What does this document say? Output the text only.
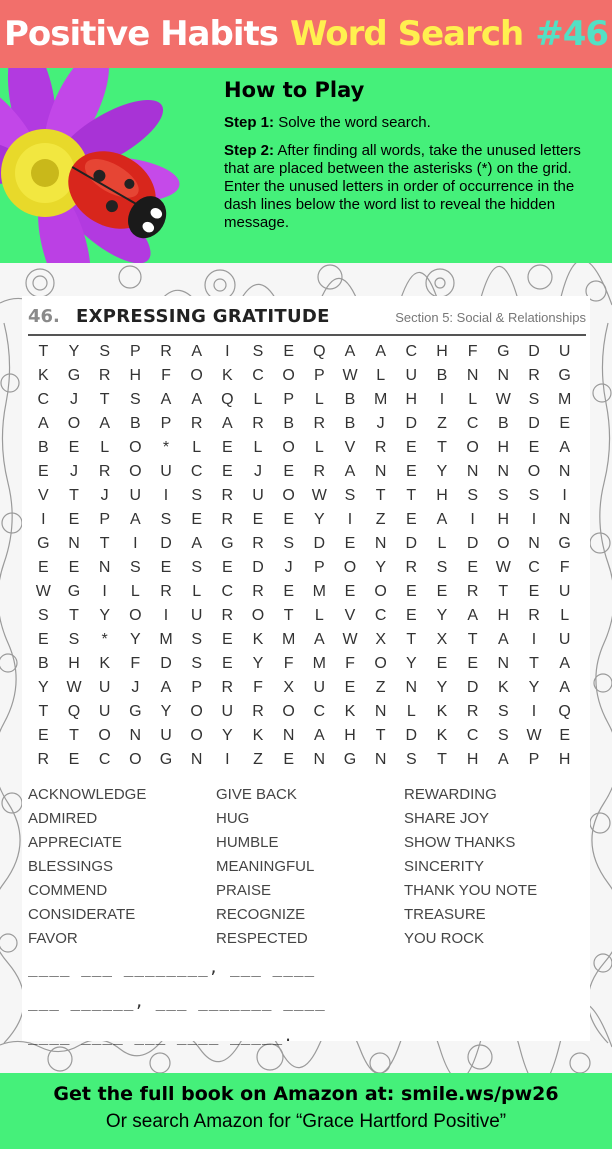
Positive Habits Word Search #46
How to Play

Step 1: Solve the word search.

Step 2: After finding all words, take the unused letters that are placed between the asterisks (*) on the grid. Enter the unused letters in order of occurrence in the dash lines below the word list to reveal the hidden message.

46. EXPRESSING GRATITUDE	Section 5: Social & Relationships
T	Y	S	P	R	A	I	S	E	Q	A	A	C	H	F	G	D	U
K	G	R	H	F	O	K	C	O	P	W	L	U	B	N	N	R	G
C	J	T	S	A	A	Q	L	P	L	B	M	H	I	L	W	S	M
A	O	A	B	P	R	A	R	B	R	B	J	D	Z	C	B	D	E
B	E	L	O	*	L	E	L	O	L	V	R	E	T	O	H	E	A
E	J	R	O	U	C	E	J	E	R	A	N	E	Y	N	N	O	N
V	T	J	U	I	S	R	U	O	W	S	T	T	H	S	S	S	I
I	E	P	A	S	E	R	E	E	Y	I	Z	E	A	I	H	I	N
G	N	T	I	D	A	G	R	S	D	E	N	D	L	D	O	N	G
E	E	N	S	E	S	E	D	J	P	O	Y	R	S	E	W	C	F
W	G	I	L	R	L	C	R	E	M	E	O	E	E	R	T	E	U
S	T	Y	O	I	U	R	O	T	L	V	C	E	Y	A	H	R	L
E	S	*	Y	M	S	E	K	M	A	W	X	T	X	T	A	I	U
B	H	K	F	D	S	E	Y	F	M	F	O	Y	E	E	N	T	A
Y	W	U	J	A	P	R	F	X	U	E	Z	N	Y	D	K	Y	A
T	Q	U	G	Y	O	U	R	O	C	K	N	L	K	R	S	I	Q
E	T	O	N	U	O	Y	K	N	A	H	T	D	K	C	S	W	E
R	E	C	O	G	N	I	Z	E	N	G	N	S	T	H	A	P	H
ACKNOWLEDGE
ADMIRED
APPRECIATE
BLESSINGS
COMMEND
CONSIDERATE
FAVOR
GIVE BACK
HUG
HUMBLE
MEANINGFUL
PRAISE
RECOGNIZE
RESPECTED
REWARDING
SHARE JOY
SHOW THANKS
SINCERITY
THANK YOU NOTE
TREASURE
YOU ROCK
____ ___ ________, ___ ____
___ ______, ___ _______ ____
____ ____ ___ ____ _____.
Get the full book on Amazon at: smile.ws/pw26
Or search Amazon for “Grace Hartford Positive”
